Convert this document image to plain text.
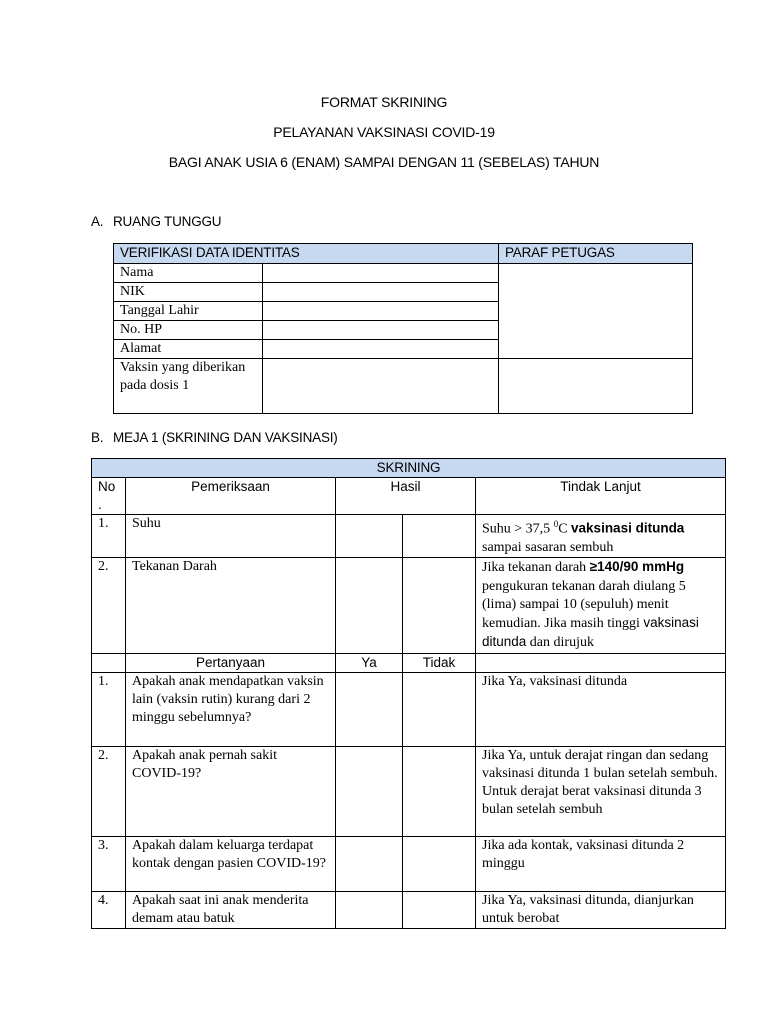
FORMAT SKRINING
PELAYANAN VAKSINASI COVID-19
BAGI ANAK USIA 6 (ENAM) SAMPAI DENGAN 11 (SEBELAS) TAHUN
A. RUANG TUNGGU
VERIFIKASI DATA IDENTITAS		PARAF PETUGAS
Nama		
NIK		
Tanggal Lahir		
No. HP		
Alamat		
Vaksin yang diberikan pada dosis 1		
B. MEJA 1 (SKRINING DAN VAKSINASI)
SKRINING				
No .	Pemeriksaan	Hasil		Tindak Lanjut
1.	Suhu			Suhu > 37,5 $^0$C vaksinasi ditunda sampai sasaran sembuh
2.	Tekanan Darah			Jika tekanan darah ≥140/90 mmHg pengukuran tekanan darah diulang 5 (lima) sampai 10 (sepuluh) menit kemudian. Jika masih tinggi vaksinasi ditunda dan dirujuk
	Pertanyaan	Ya	Tidak	
1.	Apakah anak mendapatkan vaksin lain (vaksin rutin) kurang dari 2 minggu sebelumnya?			Jika Ya, vaksinasi ditunda
2.	Apakah anak pernah sakit COVID-19?			Jika Ya, untuk derajat ringan dan sedang vaksinasi ditunda 1 bulan setelah sembuh. Untuk derajat berat vaksinasi ditunda 3 bulan setelah sembuh
3.	Apakah dalam keluarga terdapat kontak dengan pasien COVID-19?			Jika ada kontak, vaksinasi ditunda 2 minggu
4.	Apakah saat ini anak menderita demam atau batuk			Jika Ya, vaksinasi ditunda, dianjurkan untuk berobat
